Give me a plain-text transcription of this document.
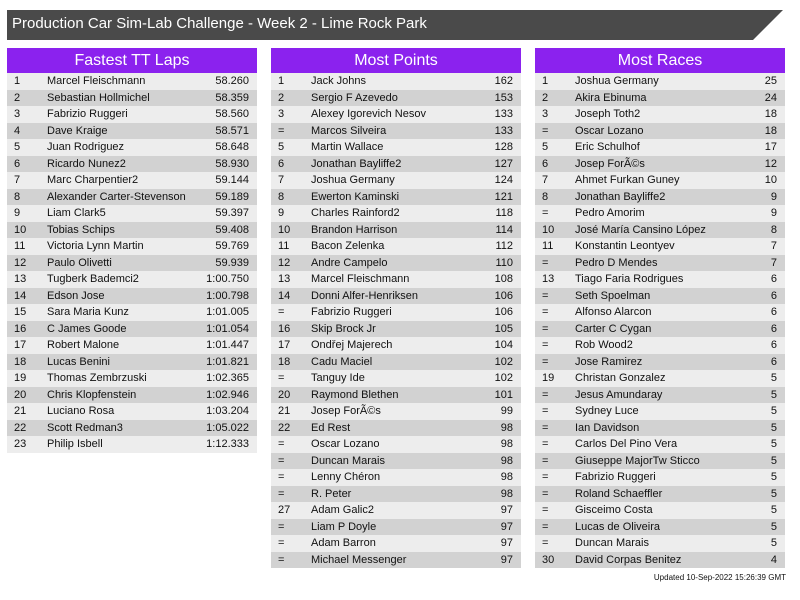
Production Car Sim-Lab Challenge - Week 2 - Lime Rock Park
Fastest TT Laps
1 Marcel Fleischmann	58.260
2 Sebastian Hollmichel	58.359
3 Fabrizio Ruggeri	58.560
4 Dave Kraige	58.571
5 Juan Rodriguez	58.648
6 Ricardo Nunez2	58.930
7 Marc Charpentier2	59.144
8 Alexander Carter-Stevenson	59.189
9 Liam Clark5	59.397
10 Tobias Schips	59.408
11 Victoria Lynn Martin	59.769
12 Paulo Olivetti	59.939
13 Tugberk Bademci2	1:00.750
14 Edson Jose	1:00.798
15 Sara Maria Kunz	1:01.005
16 C James Goode	1:01.054
17 Robert Malone	1:01.447
18 Lucas Benini	1:01.821
19 Thomas Zembrzuski	1:02.365
20 Chris Klopfenstein	1:02.946
21 Luciano Rosa	1:03.204
22 Scott Redman3	1:05.022
23 Philip Isbell	1:12.333
Most Points
1 Jack Johns	162
2 Sergio F Azevedo	153
3 Alexey Igorevich Nesov	133
= Marcos Silveira	133
5 Martin Wallace	128
6 Jonathan Bayliffe2	127
7 Joshua Germany	124
8 Ewerton Kaminski	121
9 Charles Rainford2	118
10 Brandon Harrison	114
11 Bacon Zelenka	112
12 Andre Campelo	110
13 Marcel Fleischmann	108
14 Donni Alfer-Henriksen	106
= Fabrizio Ruggeri	106
16 Skip Brock Jr	105
17 Ondřej Majerech	104
18 Cadu Maciel	102
= Tanguy Ide	102
20 Raymond Blethen	101
21 Josep ForÃ©s	99
22 Ed Rest	98
= Oscar Lozano	98
= Duncan Marais	98
= Lenny Chéron	98
= R. Peter	98
27 Adam Galic2	97
= Liam P Doyle	97
= Adam Barron	97
= Michael Messenger	97
Most Races
1 Joshua Germany	25
2 Akira Ebinuma	24
3 Joseph Toth2	18
= Oscar Lozano	18
5 Eric Schulhof	17
6 Josep ForÃ©s	12
7 Ahmet Furkan Guney	10
8 Jonathan Bayliffe2	9
= Pedro Amorim	9
10 José María Cansino López	8
11 Konstantin Leontyev	7
= Pedro D Mendes	7
13 Tiago Faria Rodrigues	6
= Seth Spoelman	6
= Alfonso Alarcon	6
= Carter C Cygan	6
= Rob Wood2	6
= Jose Ramirez	6
19 Christan Gonzalez	5
= Jesus Amundaray	5
= Sydney Luce	5
= Ian Davidson	5
= Carlos Del Pino Vera	5
= Giuseppe MajorTw Sticco	5
= Fabrizio Ruggeri	5
= Roland Schaeffler	5
= Gisceimo Costa	5
= Lucas de Oliveira	5
= Duncan Marais	5
30 David Corpas Benitez	4
Updated 10-Sep-2022 15:26:39 GMT
